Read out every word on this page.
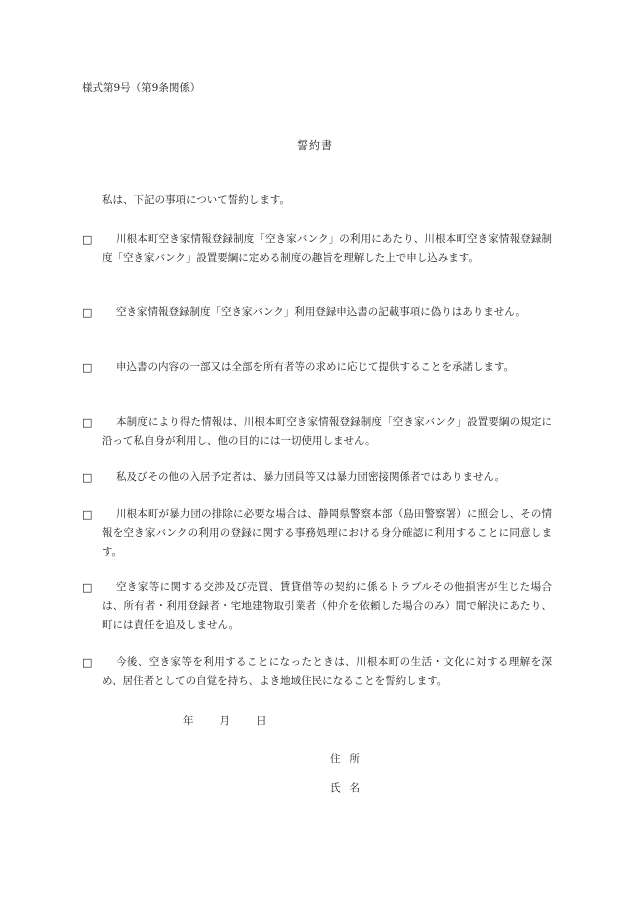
様式第9号（第9条関係）
誓約書
私は、下記の事項について誓約します。
□	川根本町空き家情報登録制度「空き家バンク」の利用にあたり、川根本町空き家情報登録制度「空き家バンク」設置要綱に定める制度の趣旨を理解した上で申し込みます。
□	空き家情報登録制度「空き家バンク」利用登録申込書の記載事項に偽りはありません。
□	申込書の内容の一部又は全部を所有者等の求めに応じて提供することを承諾します。
□	本制度により得た情報は、川根本町空き家情報登録制度「空き家バンク」設置要綱の規定に沿って私自身が利用し、他の目的には一切使用しません。
□	私及びその他の入居予定者は、暴力団員等又は暴力団密接関係者ではありません。
□	川根本町が暴力団の排除に必要な場合は、静岡県警察本部（島田警察署）に照会し、その情報を空き家バンクの利用の登録に関する事務処理における身分確認に利用することに同意します。
□	空き家等に関する交渉及び売買、賃貸借等の契約に係るトラブルその他損害が生じた場合は、所有者・利用登録者・宅地建物取引業者（仲介を依頼した場合のみ）間で解決にあたり、町には責任を追及しません。
□	今後、空き家等を利用することになったときは、川根本町の生活・文化に対する理解を深め、居住者としての自覚を持ち、よき地域住民になることを誓約します。
年 月 日
住 所
氏 名
